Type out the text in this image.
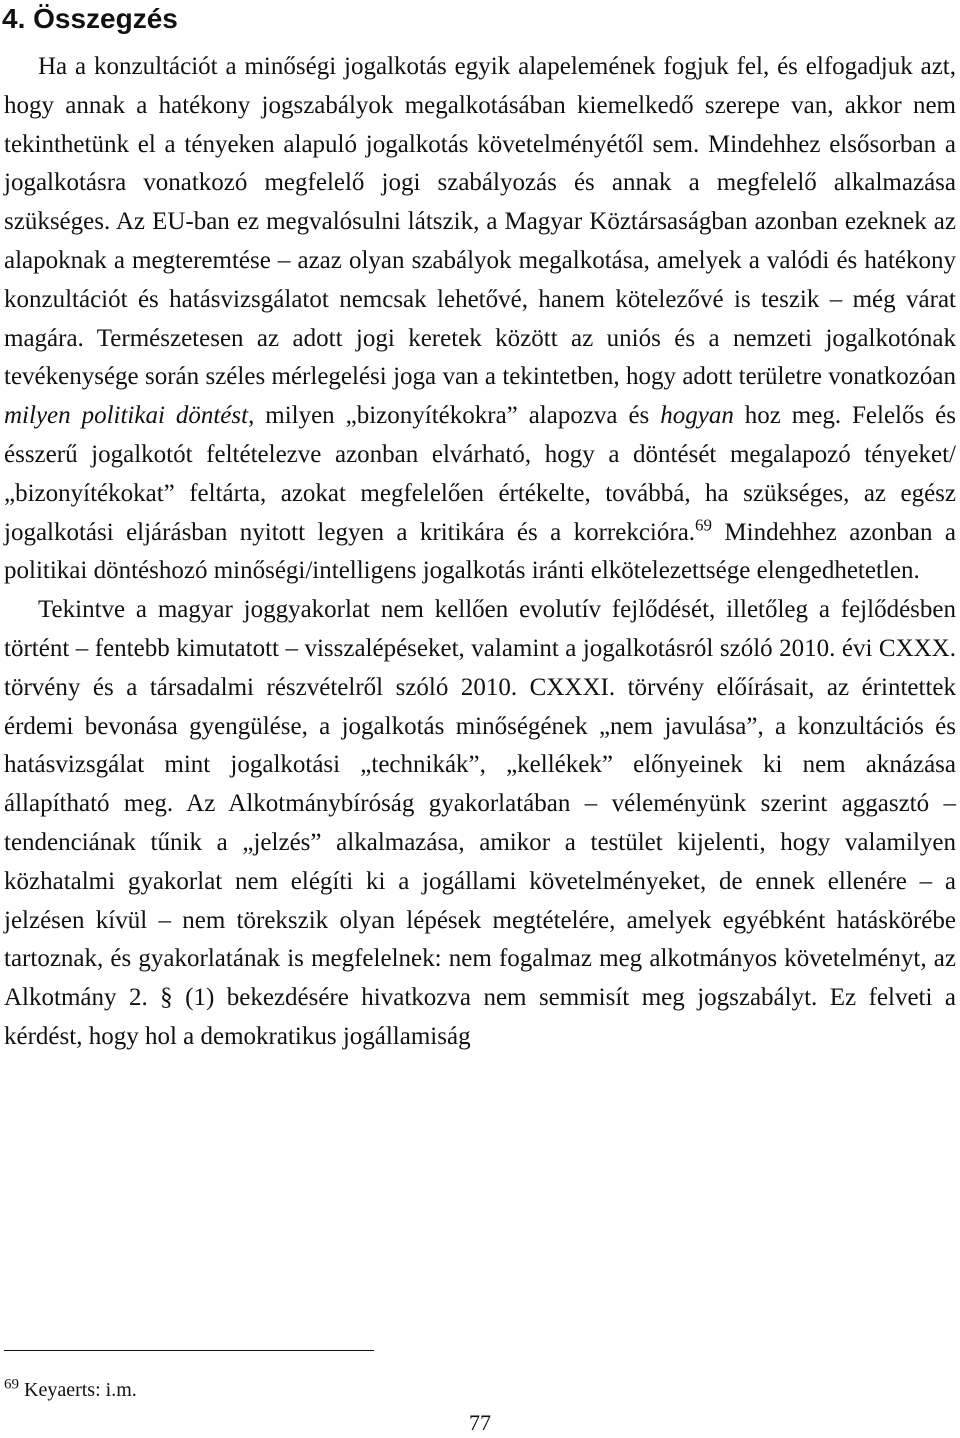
4. Összegzés

Ha a konzultációt a minőségi jogalkotás egyik alapelemének fogjuk fel, és elfogadjuk azt, hogy annak a hatékony jogszabályok megalkotásában kiemelkedő szerepe van, akkor nem tekinthetünk el a tényeken alapuló jogalkotás követelményétől sem. Mindehhez elsősorban a jogalkotásra vonatkozó megfelelő jogi szabályozás és annak a megfelelő alkalmazása szükséges. Az EU-ban ez megvalósulni látszik, a Magyar Köztársaságban azonban ezeknek az alapoknak a megteremtése – azaz olyan szabályok megalkotása, amelyek a valódi és hatékony konzultációt és hatásvizsgálatot nemcsak lehetővé, hanem kötelezővé is teszik – még várat magára. Természetesen az adott jogi keretek között az uniós és a nemzeti jogalkotónak tevékenysége során széles mérlegelési joga van a tekintetben, hogy adott területre vonatkozóan milyen politikai döntést, milyen „bizonyítékokra” alapozva és hogyan hoz meg. Felelős és ésszerű jogalkotót feltételezve azonban elvárható, hogy a döntését megalapozó tényeket/„bizonyítékokat” feltárta, azokat megfelelően értékelte, továbbá, ha szükséges, az egész jogalkotási eljárásban nyitott legyen a kritikára és a korrekcióra.$^{69}$ Mindehhez azonban a politikai döntéshozó minőségi/intelligens jogalkotás iránti elkötelezettsége elengedhetetlen.

Tekintve a magyar joggyakorlat nem kellően evolutív fejlődését, illetőleg a fejlődésben történt – fentebb kimutatott – visszalépéseket, valamint a jogalkotásról szóló 2010. évi CXXX. törvény és a társadalmi részvételről szóló 2010. CXXXI. törvény előírásait, az érintettek érdemi bevonása gyengülése, a jogalkotás minőségének „nem javulása”, a konzultációs és hatásvizsgálat mint jogalkotási „technikák”, „kellékek” előnyeinek ki nem aknázása állapítható meg. Az Alkotmánybíróság gyakorlatában – véleményünk szerint aggasztó – tendenciának tűnik a „jelzés” alkalmazása, amikor a testület kijelenti, hogy valamilyen közhatalmi gyakorlat nem elégíti ki a jogállami követelményeket, de ennek ellenére – a jelzésen kívül – nem törekszik olyan lépések megtételére, amelyek egyébként hatáskörébe tartoznak, és gyakorlatának is megfelelnek: nem fogalmaz meg alkotmányos követelményt, az Alkotmány 2. § (1) bekezdésére hivatkozva nem semmisít meg jogszabályt. Ez felveti a kérdést, hogy hol a demokratikus jogállamiság

$^{69}$ Keyaerts: i.m.
77
